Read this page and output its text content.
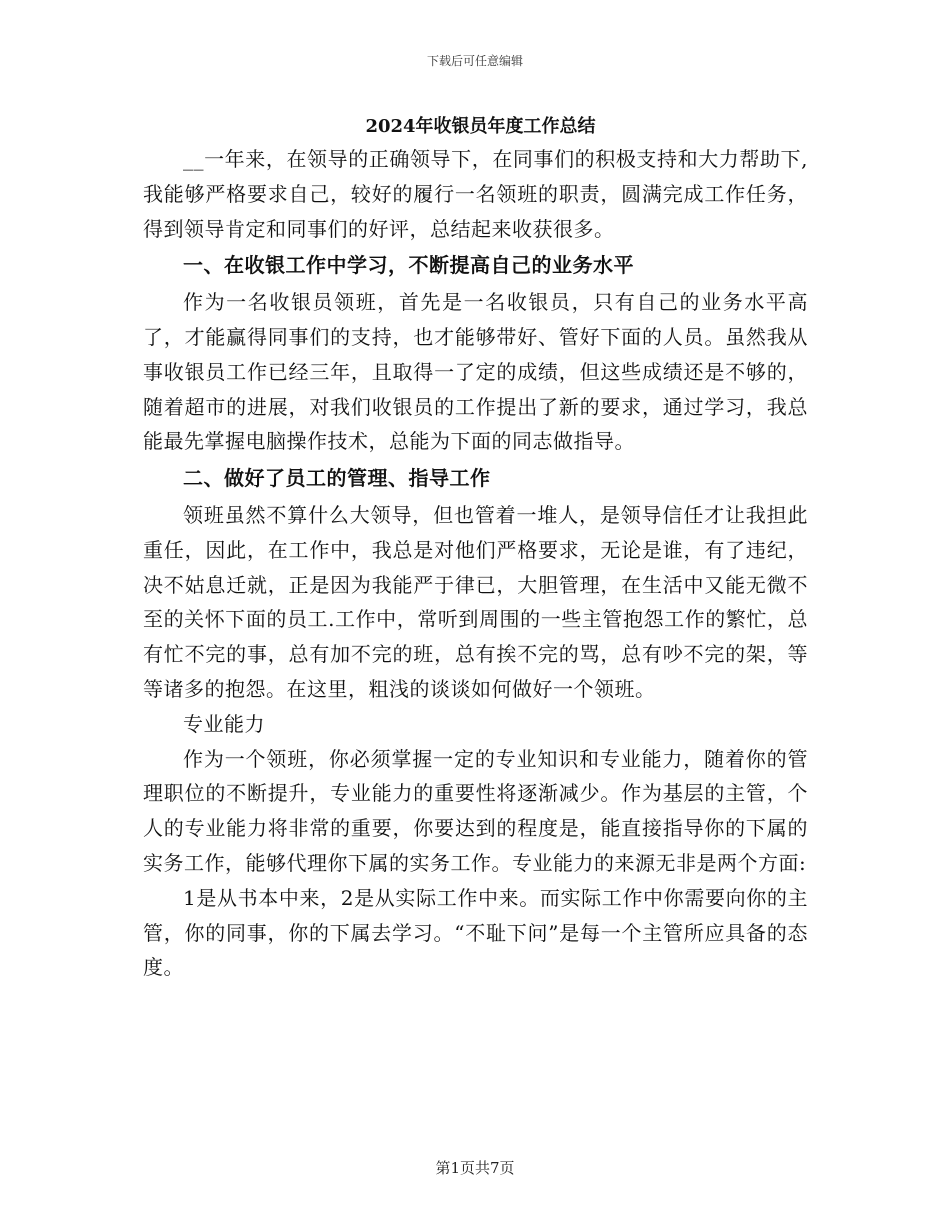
下载后可任意编辑
2024年收银员年度工作总结

__一年来，在领导的正确领导下，在同事们的积极支持和大力帮助下,我能够严格要求自己，较好的履行一名领班的职责，圆满完成工作任务，得到领导肯定和同事们的好评，总结起来收获很多。

一、在收银工作中学习，不断提高自己的业务水平

作为一名收银员领班，首先是一名收银员，只有自己的业务水平高了，才能赢得同事们的支持，也才能够带好、管好下面的人员。虽然我从事收银员工作已经三年，且取得一了定的成绩，但这些成绩还是不够的，随着超市的进展，对我们收银员的工作提出了新的要求，通过学习，我总能最先掌握电脑操作技术，总能为下面的同志做指导。

二、做好了员工的管理、指导工作

领班虽然不算什么大领导，但也管着一堆人，是领导信任才让我担此重任，因此，在工作中，我总是对他们严格要求，无论是谁，有了违纪，决不姑息迁就，正是因为我能严于律已，大胆管理，在生活中又能无微不至的关怀下面的员工.工作中，常听到周围的一些主管抱怨工作的繁忙，总有忙不完的事，总有加不完的班，总有挨不完的骂，总有吵不完的架，等等诸多的抱怨。在这里，粗浅的谈谈如何做好一个领班。

专业能力

作为一个领班，你必须掌握一定的专业知识和专业能力，随着你的管理职位的不断提升，专业能力的重要性将逐渐减少。作为基层的主管，个人的专业能力将非常的重要，你要达到的程度是，能直接指导你的下属的实务工作，能够代理你下属的实务工作。专业能力的来源无非是两个方面:

1是从书本中来，2是从实际工作中来。而实际工作中你需要向你的主管，你的同事，你的下属去学习。“不耻下问”是每一个主管所应具备的态度。

第1页共7页
